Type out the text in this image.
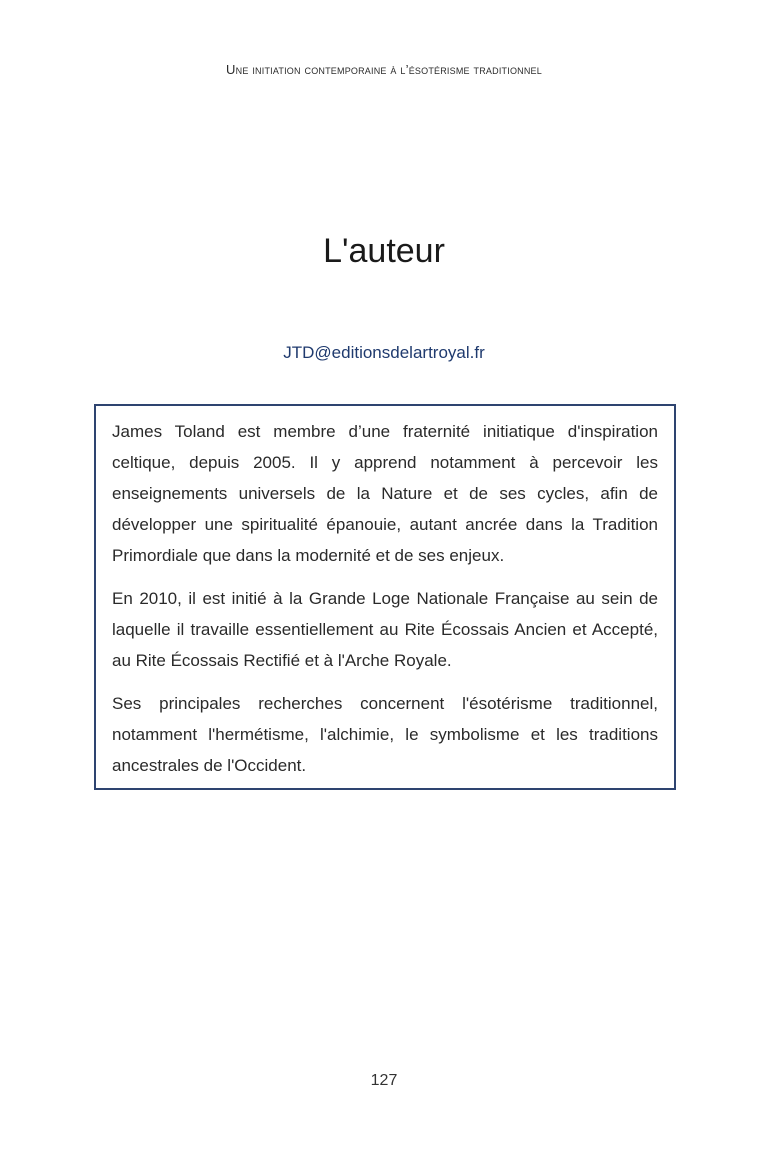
Une initiation contemporaine à l’ésotérisme traditionnel
L'auteur
JTD@editionsdelartroyal.fr

James Toland est membre d’une fraternité initiatique d'inspiration celtique, depuis 2005. Il y apprend notamment à percevoir les enseignements universels de la Nature et de ses cycles, afin de développer une spiritualité épanouie, autant ancrée dans la Tradition Primordiale que dans la modernité et de ses enjeux.

En 2010, il est initié à la Grande Loge Nationale Française au sein de laquelle il travaille essentiellement au Rite Écossais Ancien et Accepté, au Rite Écossais Rectifié et à l'Arche Royale.

Ses principales recherches concernent l'ésotérisme traditionnel, notamment l'hermétisme, l'alchimie, le symbolisme et les traditions ancestrales de l'Occident.

127
